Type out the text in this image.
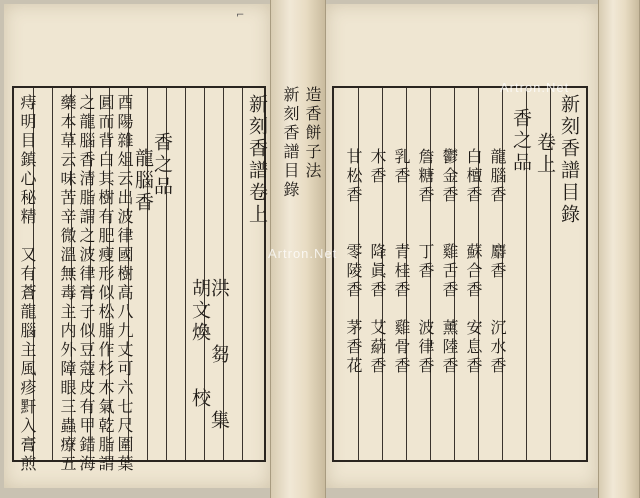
⌐
新刻香譜目錄 造香餅子法
新刻香譜卷上
洪　　芻　　集
胡文煥　　校
香之品
龍腦香
酉陽雜俎云出波律國樹高八九丈可六七尺圍葉
圓而背白其樹有肥瘦形似松脂作杉木氣乾脂謂
之龍腦香清脂謂之波律膏子似豆蔻皮有甲錯海
藥本草云味苦辛微溫無毒主内外障眼三蟲療五
痔明目鎮心秘精　又有蒼龍腦主風疹䵟入膏煎	新刻香譜目錄
卷上
香之品
龍腦香　　麝香　　沉水香
白檀香　　蘇合香　安息香
鬱金香　　雞舌香　薰陸香
詹糖香　　丁香　　波律香
乳香　　　青桂香　雞骨香
木香　　　降眞香　艾蒳香
甘松香　　零陵香　茅香花
Artron.Net
Artron.Net
